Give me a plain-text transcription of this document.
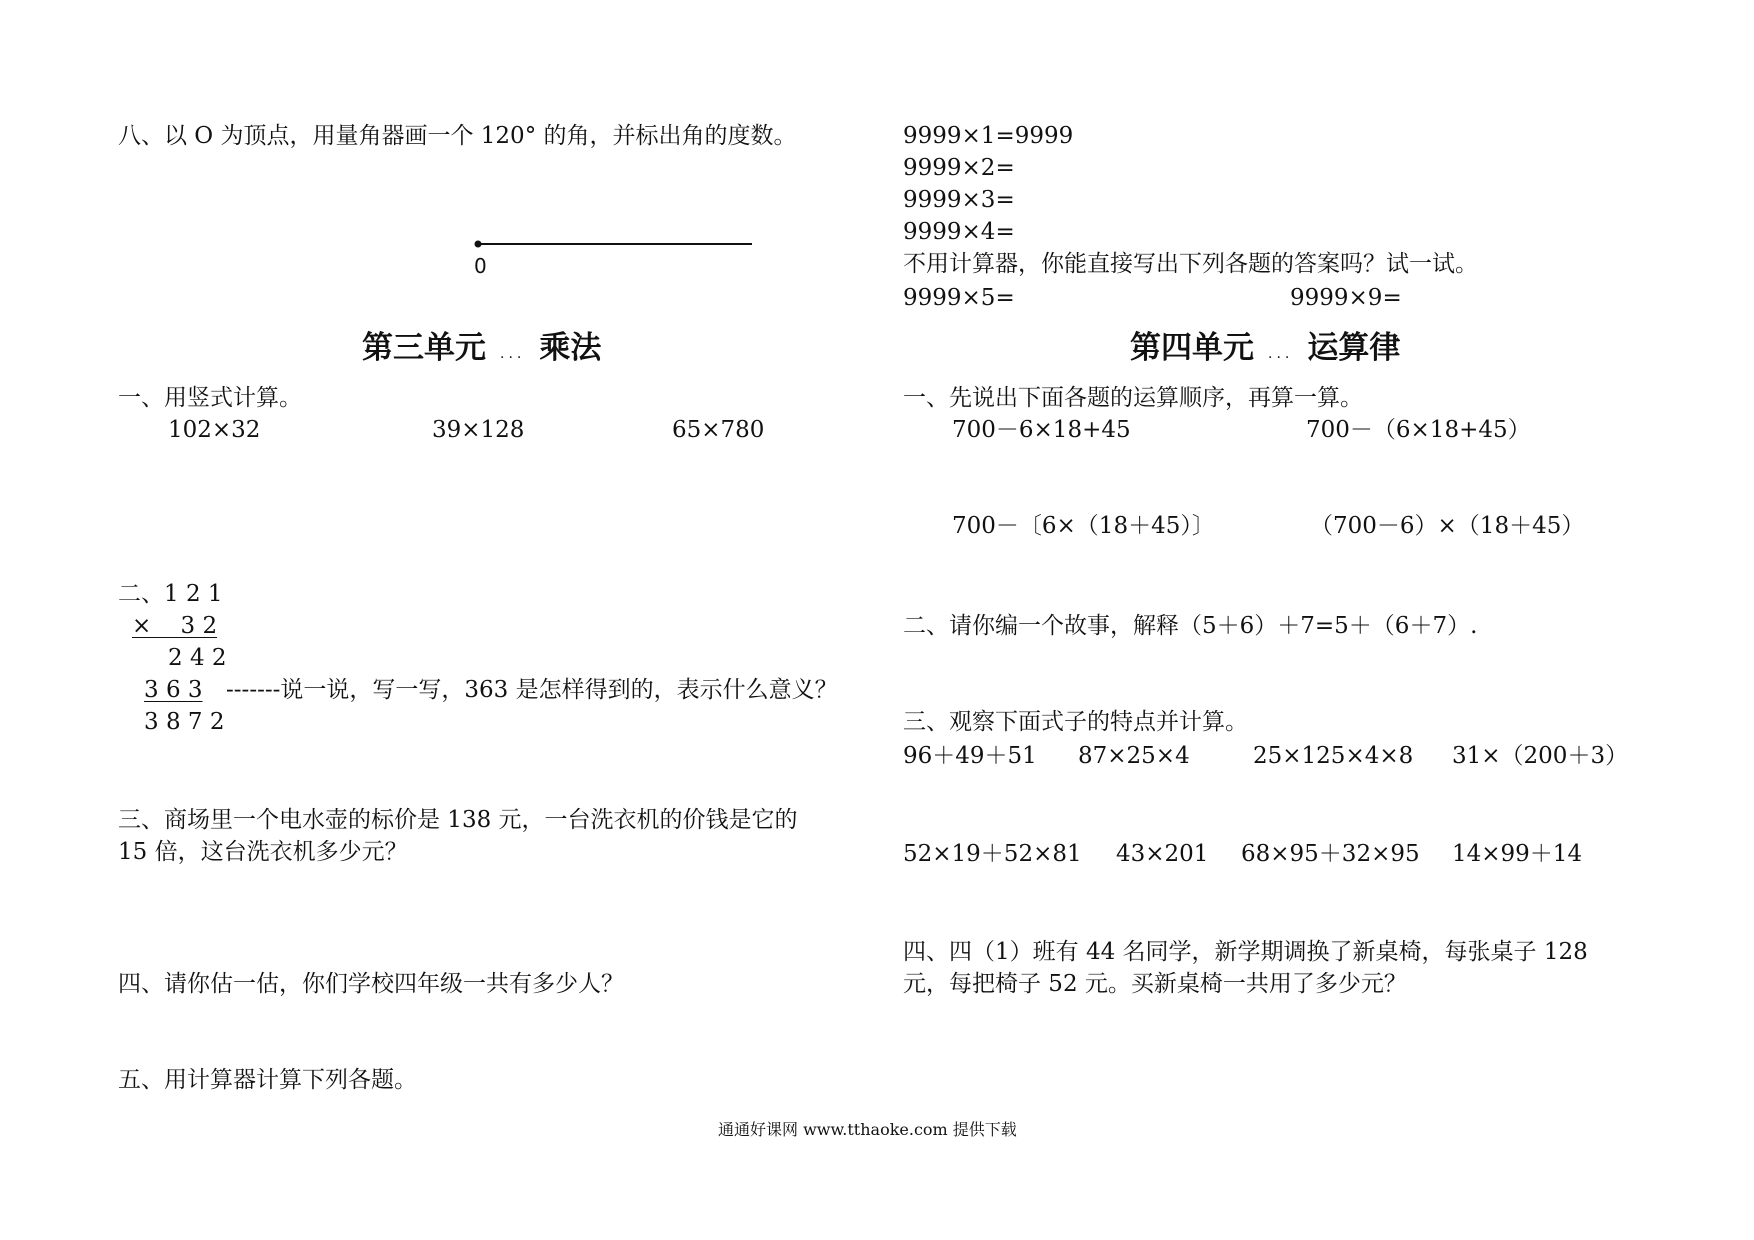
八、以 O 为顶点，用量角器画一个 120° 的角，并标出角的度数。
0
第三单元 ... 乘法
一、用竖式计算。
102×32	39×128	65×780
二、1 2 1
×    3 2
2 4 2
3 6 3 -------说一说，写一写，363 是怎样得到的，表示什么意义？
3 8 7 2
三、商场里一个电水壶的标价是 138 元，一台洗衣机的价钱是它的
15 倍，这台洗衣机多少元？
四、请你估一估，你们学校四年级一共有多少人？
五、用计算器计算下列各题。
9999×1=9999
9999×2=
9999×3=
9999×4=
不用计算器，你能直接写出下列各题的答案吗？试一试。
9999×5=	9999×9=
第四单元 ... 运算律
一、先说出下面各题的运算顺序，再算一算。
700－6×18+45	700－（6×18+45）
700－〔6×（18＋45）〕	（700－6）×（18＋45）
二、请你编一个故事，解释（5＋6）＋7=5＋（6＋7）.
三、观察下面式子的特点并计算。
96＋49＋51 87×25×4	25×125×4×8 31×（200＋3）
52×19＋52×81 43×201 68×95＋32×95 14×99＋14
四、四（1）班有 44 名同学，新学期调换了新桌椅，每张桌子 128
元，每把椅子 52 元。买新桌椅一共用了多少元？
通通好课网 www.tthaoke.com 提供下载
